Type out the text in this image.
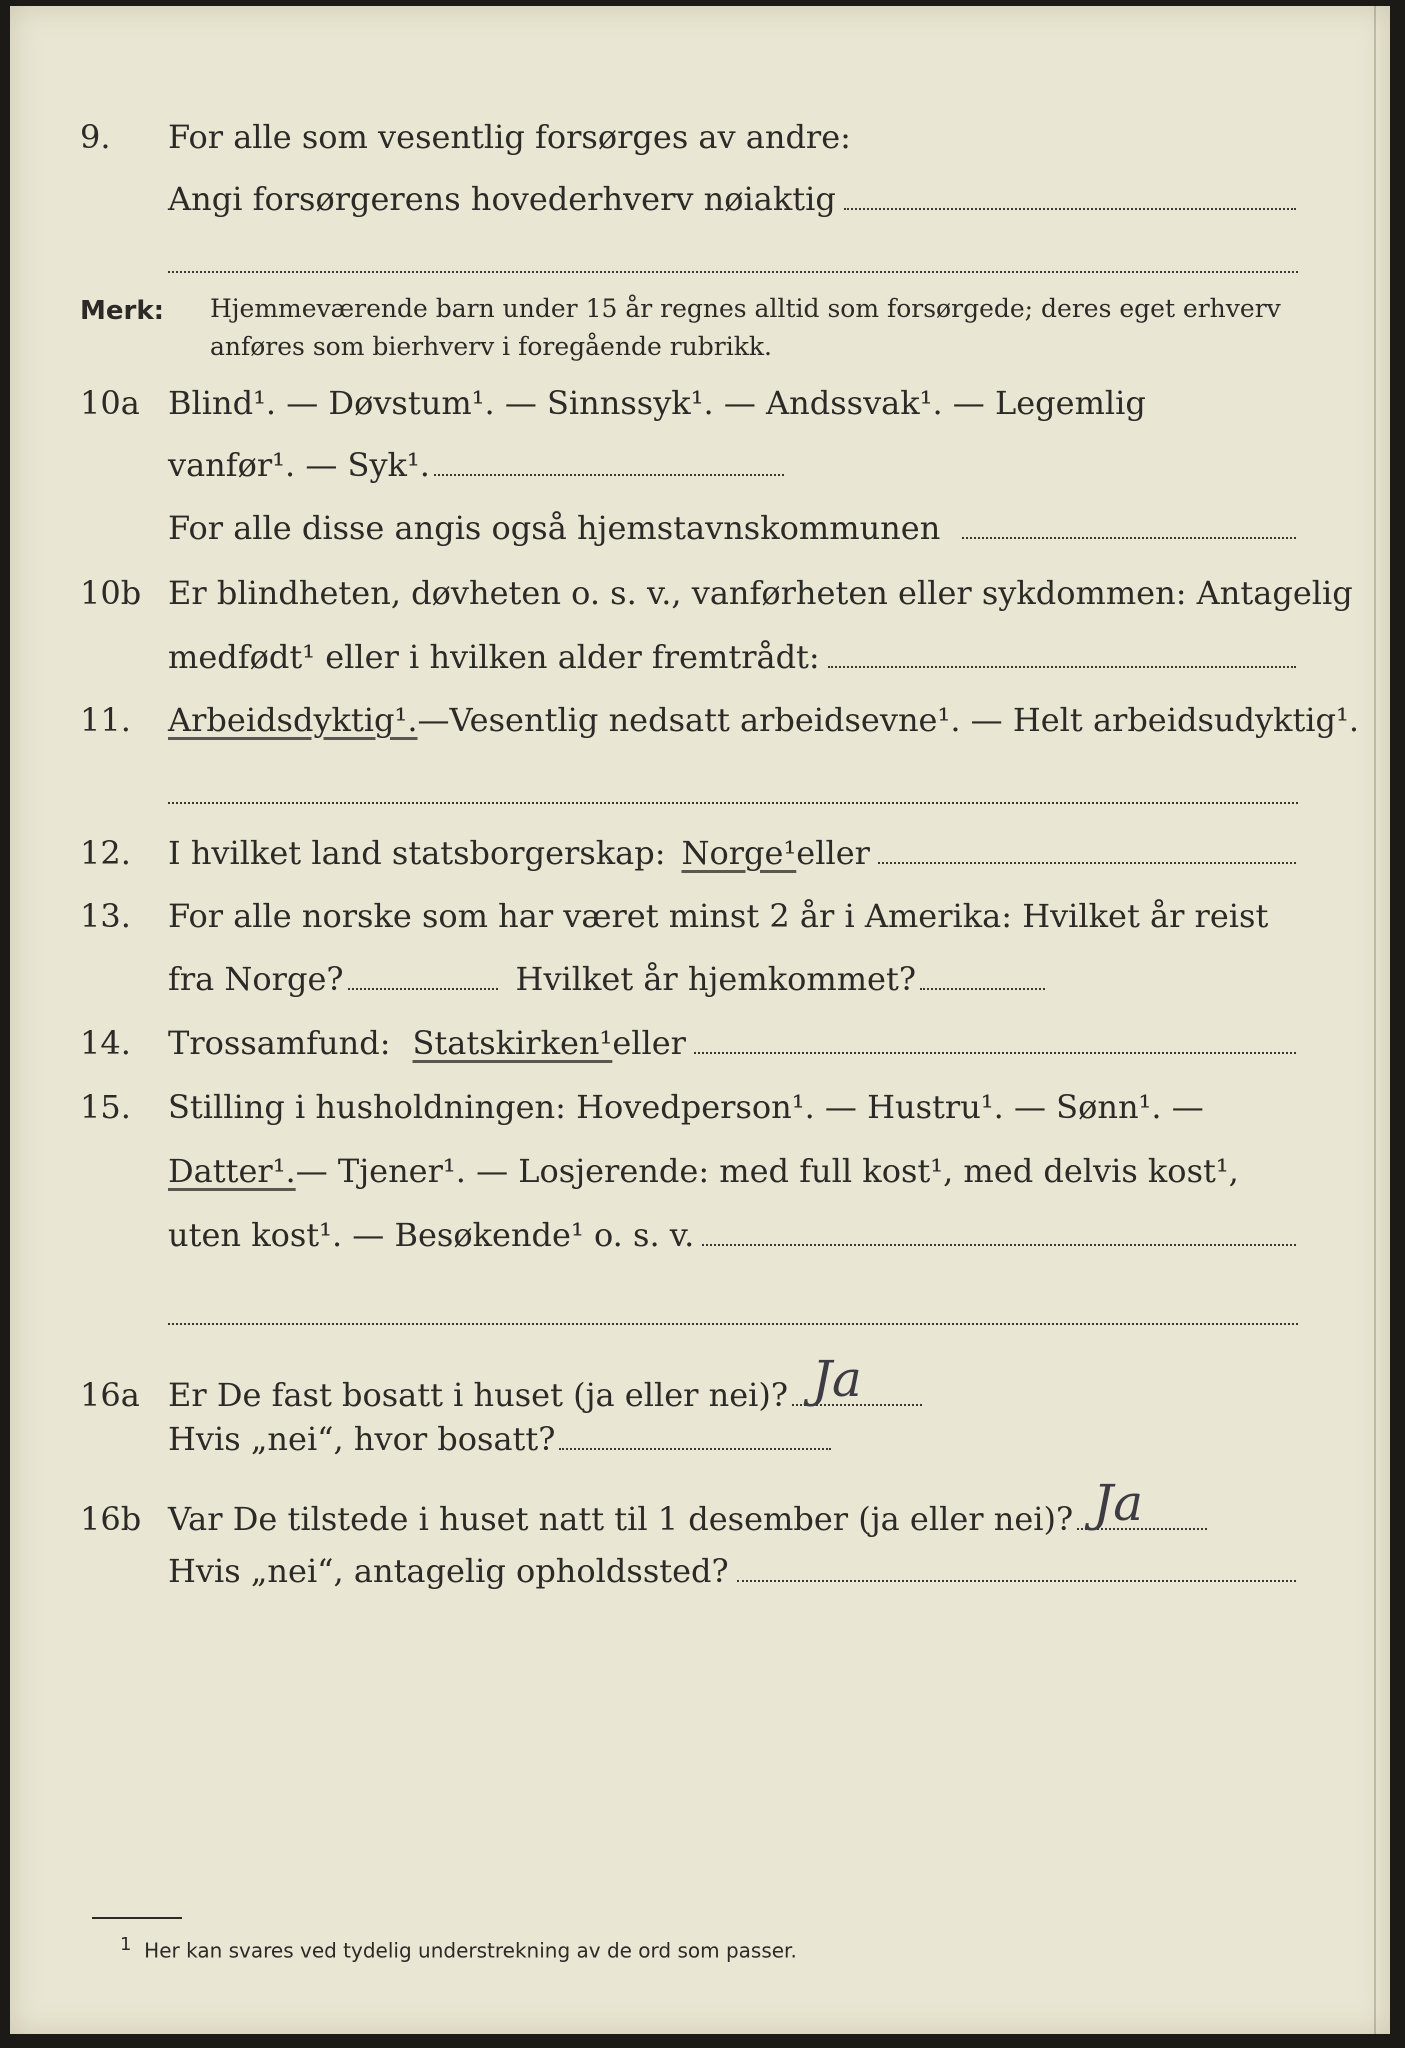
9. For alle som vesentlig forsørges av andre:
Angi forsørgerens hovederhverv nøiaktig
Merk: Hjemmeværende barn under 15 år regnes alltid som forsørgede; deres eget erhverv
anføres som bierhverv i foregående rubrikk.
10a Blind¹. — Døvstum¹. — Sinnssyk¹. — Andssvak¹. — Legemlig
vanfør¹. — Syk¹.
For alle disse angis også hjemstavnskommunen
10b Er blindheten, døvheten o. s. v., vanførheten eller sykdommen: Antagelig
medfødt¹ eller i hvilken alder fremtrådt:
11. Arbeidsdyktig¹. — Vesentlig nedsatt arbeidsevne¹. — Helt arbeidsudyktig¹.
12. I hvilket land statsborgerskap: Norge¹ eller
13. For alle norske som har været minst 2 år i Amerika: Hvilket år reist
fra Norge?	Hvilket år hjemkommet?
14. Trossamfund: Statskirken¹ eller
15. Stilling i husholdningen: Hovedperson¹. — Hustru¹. — Sønn¹. —
Datter¹. — Tjener¹. — Losjerende: med full kost¹, med delvis kost¹,
uten kost¹. — Besøkende¹ o. s. v.
16a Er De fast bosatt i huset (ja eller nei)? Ja
Hvis „nei“, hvor bosatt?
16b Var De tilstede i huset natt til 1 desember (ja eller nei)? Ja
Hvis „nei“, antagelig opholdssted?
$^1$ Her kan svares ved tydelig understrekning av de ord som passer.
